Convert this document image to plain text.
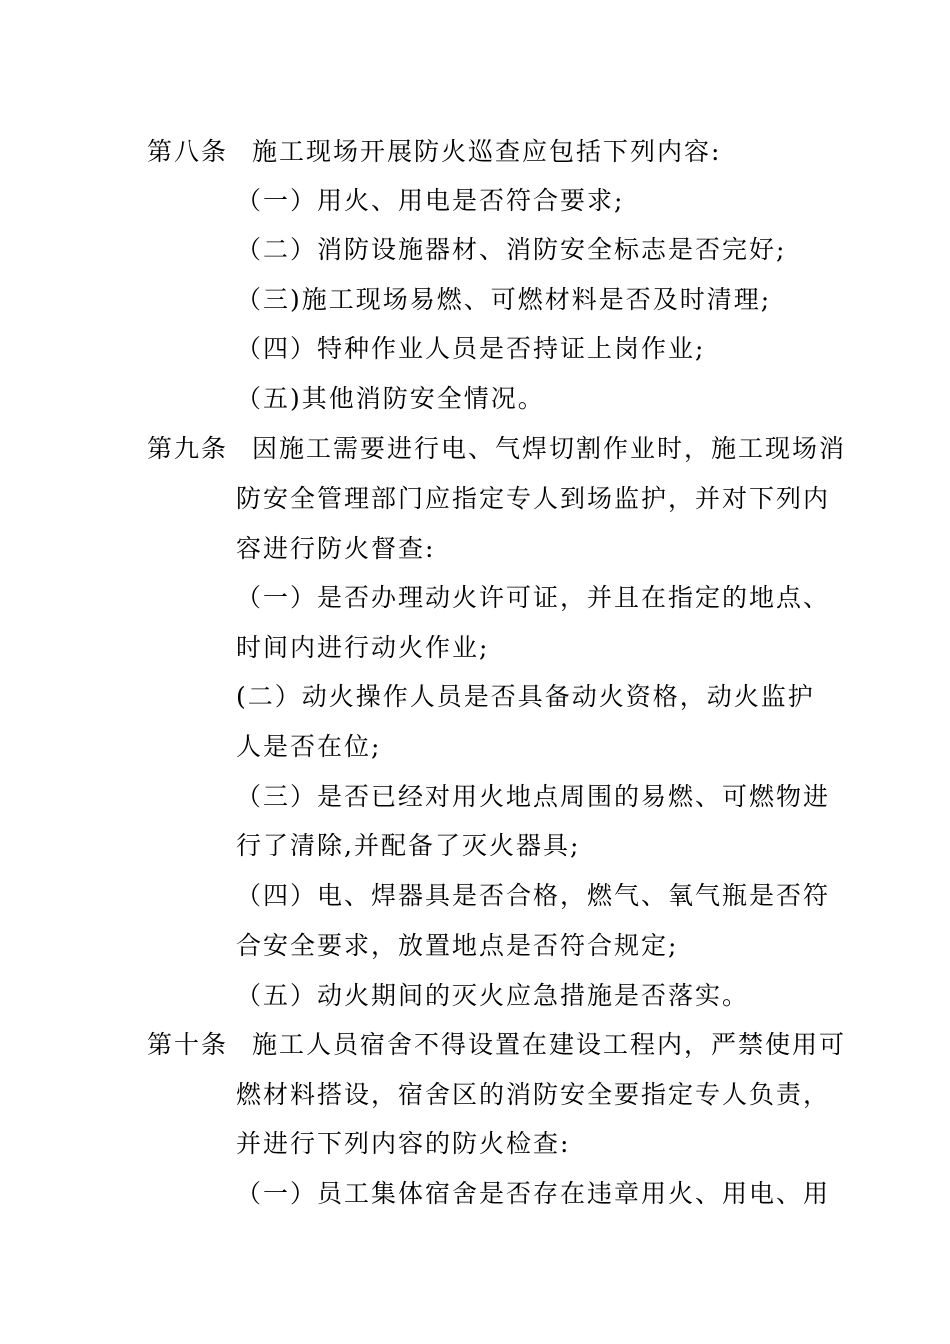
第八条 施工现场开展防火巡查应包括下列内容:
（一）用火、用电是否符合要求;
（二）消防设施器材、消防安全标志是否完好;
（三)施工现场易燃、可燃材料是否及时清理;
（四）特种作业人员是否持证上岗作业;
（五)其他消防安全情况。
第九条 因施工需要进行电、气焊切割作业时，施工现场消
防安全管理部门应指定专人到场监护，并对下列内
容进行防火督查:
（一）是否办理动火许可证，并且在指定的地点、
时间内进行动火作业;
(二）动火操作人员是否具备动火资格，动火监护
人是否在位;
（三）是否已经对用火地点周围的易燃、可燃物进
行了清除,并配备了灭火器具;
（四）电、焊器具是否合格，燃气、氧气瓶是否符
合安全要求，放置地点是否符合规定;
（五）动火期间的灭火应急措施是否落实。
第十条 施工人员宿舍不得设置在建设工程内，严禁使用可
燃材料搭设，宿舍区的消防安全要指定专人负责，
并进行下列内容的防火检查:
（一）员工集体宿舍是否存在违章用火、用电、用
